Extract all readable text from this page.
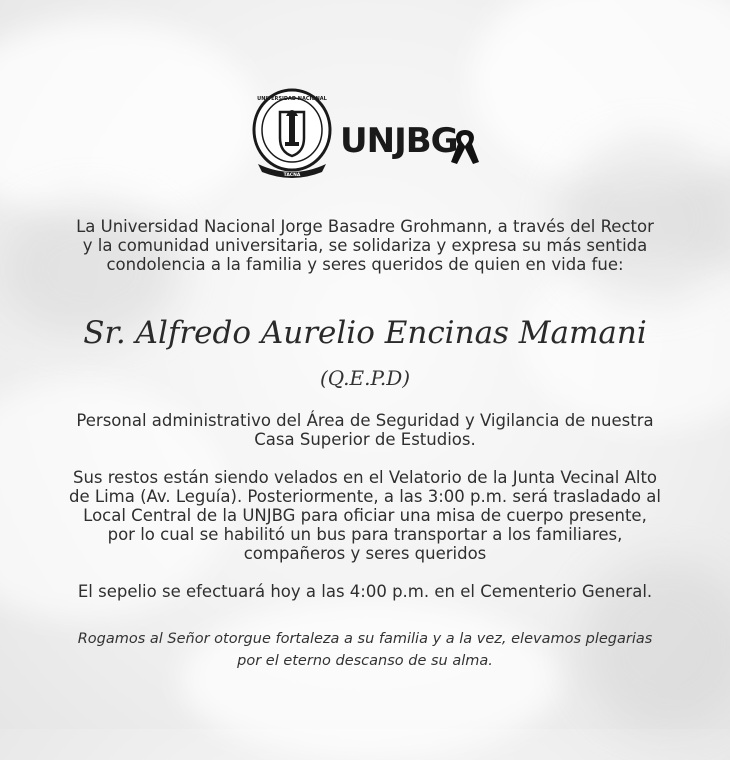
UNIVERSIDAD NACIONAL
TACNA
UNJBG
La Universidad Nacional Jorge Basadre Grohmann, a través del Rector
y la comunidad universitaria, se solidariza y expresa su más sentida
condolencia a la familia y seres queridos de quien en vida fue:
Sr. Alfredo Aurelio Encinas Mamani
(Q.E.P.D)
Personal administrativo del Área de Seguridad y Vigilancia de nuestra
Casa Superior de Estudios.
Sus restos están siendo velados en el Velatorio de la Junta Vecinal Alto
de Lima (Av. Leguía). Posteriormente, a las 3:00 p.m. será trasladado al
Local Central de la UNJBG para oficiar una misa de cuerpo presente,
por lo cual se habilitó un bus para transportar a los familiares,
compañeros y seres queridos
El sepelio se efectuará hoy a las 4:00 p.m. en el Cementerio General.
Rogamos al Señor otorgue fortaleza a su familia y a la vez, elevamos plegarias
por el eterno descanso de su alma.
